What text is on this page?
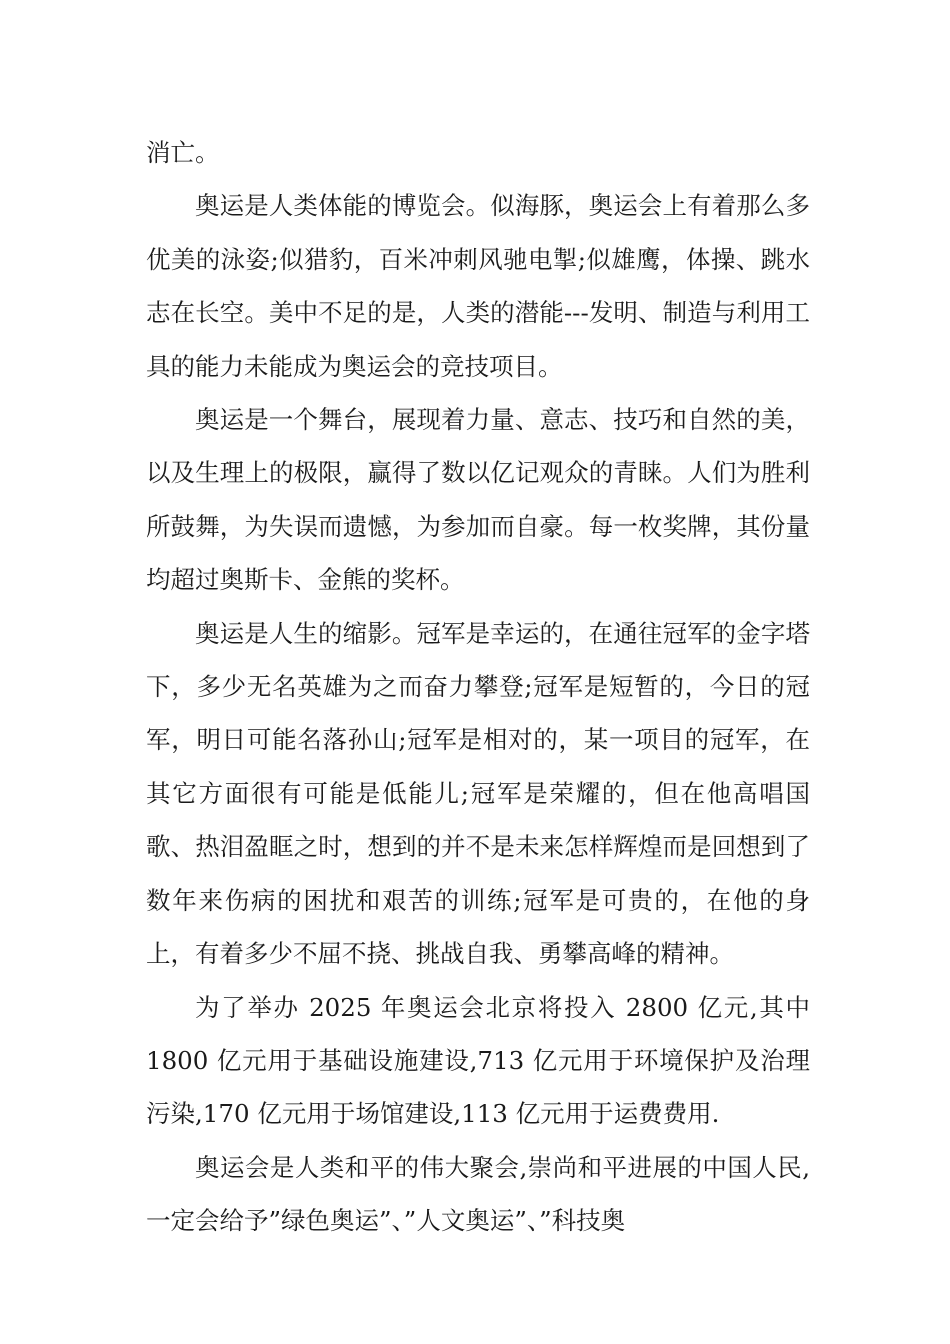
消亡。

奥运是人类体能的博览会。似海豚，奥运会上有着那么多优美的泳姿;似猎豹，百米冲刺风驰电掣;似雄鹰，体操、跳水志在长空。美中不足的是，人类的潜能---发明、制造与利用工具的能力未能成为奥运会的竞技项目。

奥运是一个舞台，展现着力量、意志、技巧和自然的美，以及生理上的极限，赢得了数以亿记观众的青睐。人们为胜利所鼓舞，为失误而遗憾，为参加而自豪。每一枚奖牌，其份量均超过奥斯卡、金熊的奖杯。

奥运是人生的缩影。冠军是幸运的，在通往冠军的金字塔下，多少无名英雄为之而奋力攀登;冠军是短暂的，今日的冠军，明日可能名落孙山;冠军是相对的，某一项目的冠军，在其它方面很有可能是低能儿;冠军是荣耀的，但在他高唱国歌、热泪盈眶之时，想到的并不是未来怎样辉煌而是回想到了数年来伤病的困扰和艰苦的训练;冠军是可贵的，在他的身上，有着多少不屈不挠、挑战自我、勇攀高峰的精神。

为了举办 2025 年奥运会北京将投入 2800 亿元,其中 1800 亿元用于基础设施建设,713 亿元用于环境保护及治理污染,170 亿元用于场馆建设,113 亿元用于运费费用.

奥运会是人类和平的伟大聚会,崇尚和平进展的中国人民,一定会给予”绿色奥运”、”人文奥运”、”科技奥
